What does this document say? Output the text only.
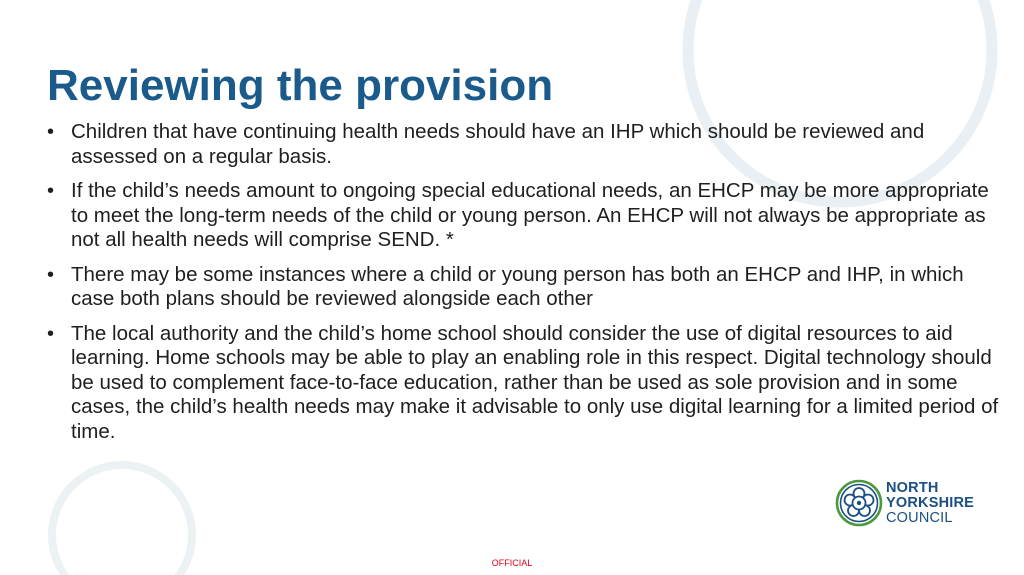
Reviewing the provision
• Children that have continuing health needs should have an IHP which should be reviewed and assessed on a regular basis.
• If the child’s needs amount to ongoing special educational needs, an EHCP may be more appropriate to meet the long-term needs of the child or young person. An EHCP will not always be appropriate as not all health needs will comprise SEND. *
• There may be some instances where a child or young person has both an EHCP and IHP, in which case both plans should be reviewed alongside each other
• The local authority and the child’s home school should consider the use of digital resources to aid learning. Home schools may be able to play an enabling role in this respect. Digital technology should be used to complement face-to-face education, rather than be used as sole provision and in some cases, the child’s health needs may make it advisable to only use digital learning for a limited period of time.
NORTH
YORKSHIRE
COUNCIL
OFFICIAL
